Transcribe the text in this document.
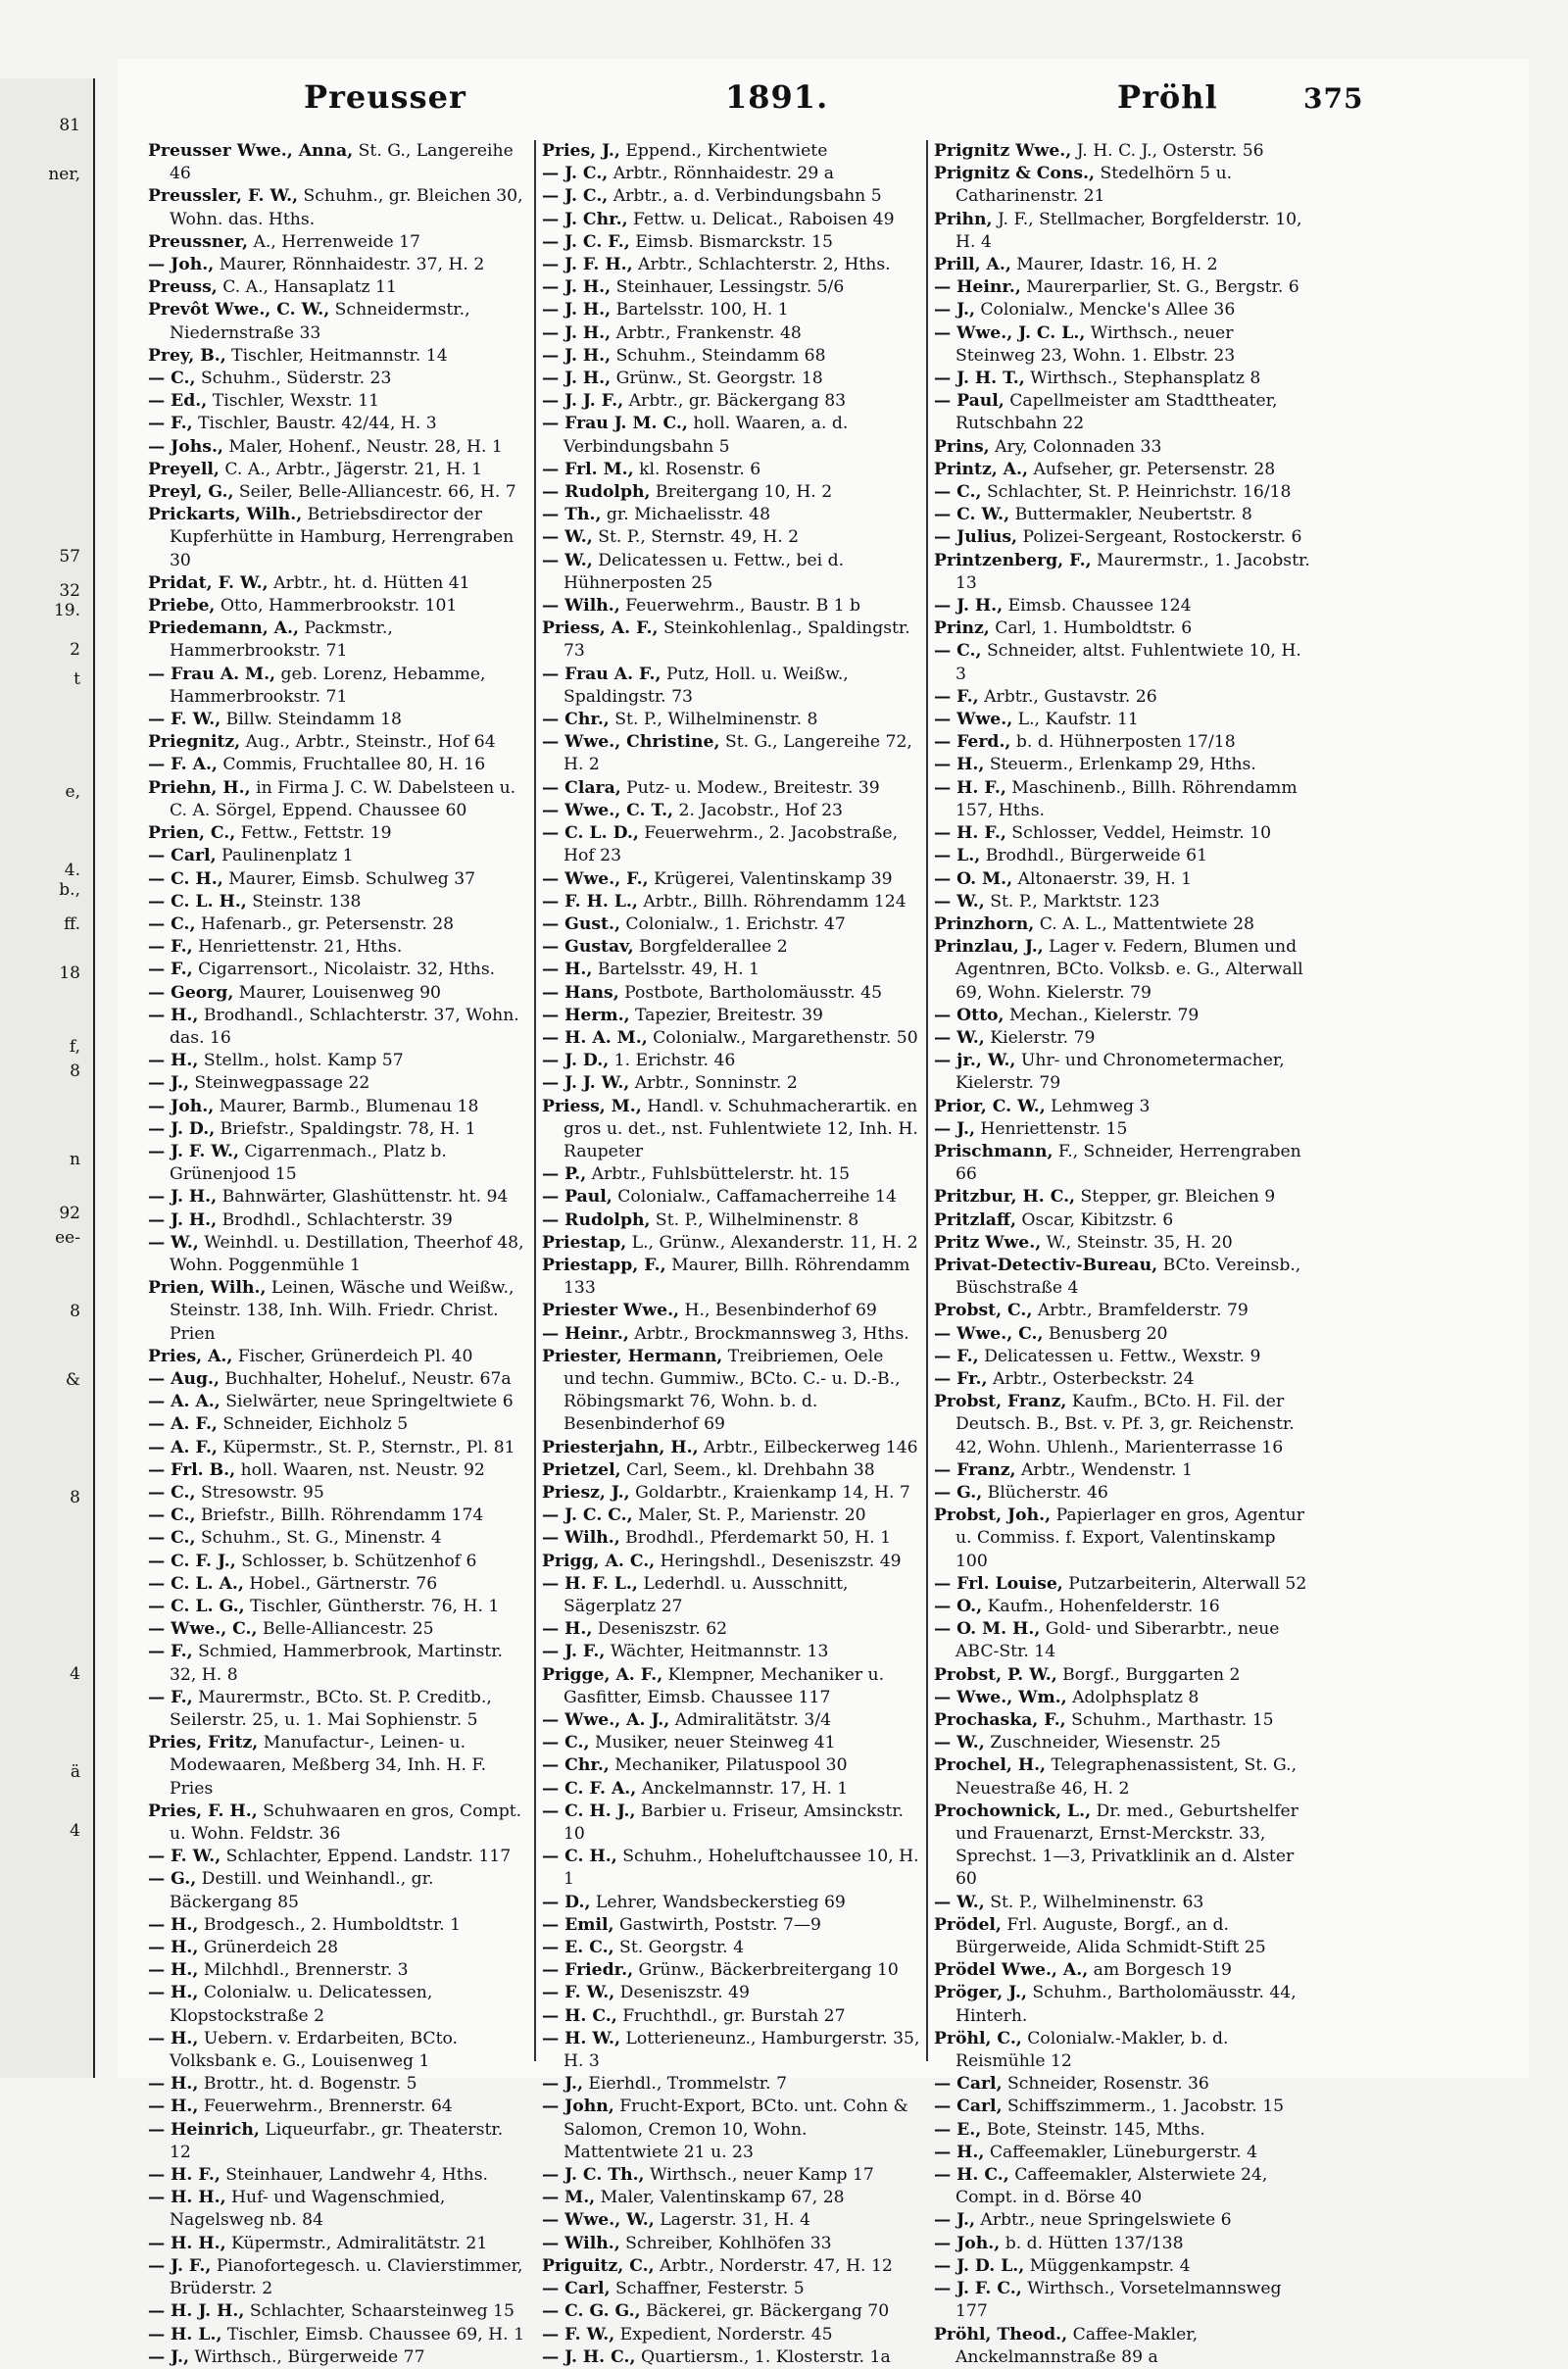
81
ner,
57
32
19.
2
t
e,
4.
b.,
ff.
18
f,
8
n
92
ee-
8
&
8
4
ä
4
Preusser	1891.	Pröhl	375
Preusser Wwe., Anna, St. G., Langereihe 46
Preussler, F. W., Schuhm., gr. Bleichen 30, Wohn. das. Hths.
Preussner, A., Herrenweide 17
— Joh., Maurer, Rönnhaidestr. 37, H. 2
Preuss, C. A., Hansaplatz 11
Prevôt Wwe., C. W., Schneidermstr., Niedernstraße 33
Prey, B., Tischler, Heitmannstr. 14
— C., Schuhm., Süderstr. 23
— Ed., Tischler, Wexstr. 11
— F., Tischler, Baustr. 42/44, H. 3
— Johs., Maler, Hohenf., Neustr. 28, H. 1
Preyell, C. A., Arbtr., Jägerstr. 21, H. 1
Preyl, G., Seiler, Belle-Alliancestr. 66, H. 7
Prickarts, Wilh., Betriebsdirector der Kupferhütte in Hamburg, Herrengraben 30
Pridat, F. W., Arbtr., ht. d. Hütten 41
Priebe, Otto, Hammerbrookstr. 101
Priedemann, A., Packmstr., Hammerbrookstr. 71
— Frau A. M., geb. Lorenz, Hebamme, Hammerbrookstr. 71
— F. W., Billw. Steindamm 18
Priegnitz, Aug., Arbtr., Steinstr., Hof 64
— F. A., Commis, Fruchtallee 80, H. 16
Priehn, H., in Firma J. C. W. Dabelsteen u. C. A. Sörgel, Eppend. Chaussee 60
Prien, C., Fettw., Fettstr. 19
— Carl, Paulinenplatz 1
— C. H., Maurer, Eimsb. Schulweg 37
— C. L. H., Steinstr. 138
— C., Hafenarb., gr. Petersenstr. 28
— F., Henriettenstr. 21, Hths.
— F., Cigarrensort., Nicolaistr. 32, Hths.
— Georg, Maurer, Louisenweg 90
— H., Brodhandl., Schlachterstr. 37, Wohn. das. 16
— H., Stellm., holst. Kamp 57
— J., Steinwegpassage 22
— Joh., Maurer, Barmb., Blumenau 18
— J. D., Briefstr., Spaldingstr. 78, H. 1
— J. F. W., Cigarrenmach., Platz b. Grünenjood 15
— J. H., Bahnwärter, Glashüttenstr. ht. 94
— J. H., Brodhdl., Schlachterstr. 39
— W., Weinhdl. u. Destillation, Theerhof 48, Wohn. Poggenmühle 1
Prien, Wilh., Leinen, Wäsche und Weißw., Steinstr. 138, Inh. Wilh. Friedr. Christ. Prien
Pries, A., Fischer, Grünerdeich Pl. 40
— Aug., Buchhalter, Hoheluf., Neustr. 67a
— A. A., Sielwärter, neue Springeltwiete 6
— A. F., Schneider, Eichholz 5
— A. F., Küpermstr., St. P., Sternstr., Pl. 81
— Frl. B., holl. Waaren, nst. Neustr. 92
— C., Stresowstr. 95
— C., Briefstr., Billh. Röhrendamm 174
— C., Schuhm., St. G., Minenstr. 4
— C. F. J., Schlosser, b. Schützenhof 6
— C. L. A., Hobel., Gärtnerstr. 76
— C. L. G., Tischler, Güntherstr. 76, H. 1
— Wwe., C., Belle-Alliancestr. 25
— F., Schmied, Hammerbrook, Martinstr. 32, H. 8
— F., Maurermstr., BCto. St. P. Creditb., Seilerstr. 25, u. 1. Mai Sophienstr. 5
Pries, Fritz, Manufactur-, Leinen- u. Modewaaren, Meßberg 34, Inh. H. F. Pries
Pries, F. H., Schuhwaaren en gros, Compt. u. Wohn. Feldstr. 36
— F. W., Schlachter, Eppend. Landstr. 117
— G., Destill. und Weinhandl., gr. Bäckergang 85
— H., Brodgesch., 2. Humboldtstr. 1
— H., Grünerdeich 28
— H., Milchhdl., Brennerstr. 3
— H., Colonialw. u. Delicatessen, Klopstockstraße 2
— H., Uebern. v. Erdarbeiten, BCto. Volksbank e. G., Louisenweg 1
— H., Brottr., ht. d. Bogenstr. 5
— H., Feuerwehrm., Brennerstr. 64
— Heinrich, Liqueurfabr., gr. Theaterstr. 12
— H. F., Steinhauer, Landwehr 4, Hths.
— H. H., Huf- und Wagenschmied, Nagelsweg nb. 84
— H. H., Küpermstr., Admiralitätstr. 21
— J. F., Pianofortegesch. u. Clavierstimmer, Brüderstr. 2
— H. J. H., Schlachter, Schaarsteinweg 15
— H. L., Tischler, Eimsb. Chaussee 69, H. 1
— J., Wirthsch., Bürgerweide 77
Pries, J., Eppend., Kirchentwiete
— J. C., Arbtr., Rönnhaidestr. 29 a
— J. C., Arbtr., a. d. Verbindungsbahn 5
— J. Chr., Fettw. u. Delicat., Raboisen 49
— J. C. F., Eimsb. Bismarckstr. 15
— J. F. H., Arbtr., Schlachterstr. 2, Hths.
— J. H., Steinhauer, Lessingstr. 5/6
— J. H., Bartelsstr. 100, H. 1
— J. H., Arbtr., Frankenstr. 48
— J. H., Schuhm., Steindamm 68
— J. H., Grünw., St. Georgstr. 18
— J. J. F., Arbtr., gr. Bäckergang 83
— Frau J. M. C., holl. Waaren, a. d. Verbindungsbahn 5
— Frl. M., kl. Rosenstr. 6
— Rudolph, Breitergang 10, H. 2
— Th., gr. Michaelisstr. 48
— W., St. P., Sternstr. 49, H. 2
— W., Delicatessen u. Fettw., bei d. Hühnerposten 25
— Wilh., Feuerwehrm., Baustr. B 1 b
Priess, A. F., Steinkohlenlag., Spaldingstr. 73
— Frau A. F., Putz, Holl. u. Weißw., Spaldingstr. 73
— Chr., St. P., Wilhelminenstr. 8
— Wwe., Christine, St. G., Langereihe 72, H. 2
— Clara, Putz- u. Modew., Breitestr. 39
— Wwe., C. T., 2. Jacobstr., Hof 23
— C. L. D., Feuerwehrm., 2. Jacobstraße, Hof 23
— Wwe., F., Krügerei, Valentinskamp 39
— F. H. L., Arbtr., Billh. Röhrendamm 124
— Gust., Colonialw., 1. Erichstr. 47
— Gustav, Borgfelderallee 2
— H., Bartelsstr. 49, H. 1
— Hans, Postbote, Bartholomäusstr. 45
— Herm., Tapezier, Breitestr. 39
— H. A. M., Colonialw., Margarethenstr. 50
— J. D., 1. Erichstr. 46
— J. J. W., Arbtr., Sonninstr. 2
Priess, M., Handl. v. Schuhmacherartik. en gros u. det., nst. Fuhlentwiete 12, Inh. H. Raupeter
— P., Arbtr., Fuhlsbüttelerstr. ht. 15
— Paul, Colonialw., Caffamacherreihe 14
— Rudolph, St. P., Wilhelminenstr. 8
Priestap, L., Grünw., Alexanderstr. 11, H. 2
Priestapp, F., Maurer, Billh. Röhrendamm 133
Priester Wwe., H., Besenbinderhof 69
— Heinr., Arbtr., Brockmannsweg 3, Hths.
Priester, Hermann, Treibriemen, Oele und techn. Gummiw., BCto. C.- u. D.-B., Röbingsmarkt 76, Wohn. b. d. Besenbinderhof 69
Priesterjahn, H., Arbtr., Eilbeckerweg 146
Prietzel, Carl, Seem., kl. Drehbahn 38
Priesz, J., Goldarbtr., Kraienkamp 14, H. 7
— J. C. C., Maler, St. P., Marienstr. 20
— Wilh., Brodhdl., Pferdemarkt 50, H. 1
Prigg, A. C., Heringshdl., Deseniszstr. 49
— H. F. L., Lederhdl. u. Ausschnitt, Sägerplatz 27
— H., Deseniszstr. 62
— J. F., Wächter, Heitmannstr. 13
Prigge, A. F., Klempner, Mechaniker u. Gasfitter, Eimsb. Chaussee 117
— Wwe., A. J., Admiralitätstr. 3/4
— C., Musiker, neuer Steinweg 41
— Chr., Mechaniker, Pilatuspool 30
— C. F. A., Anckelmannstr. 17, H. 1
— C. H. J., Barbier u. Friseur, Amsinckstr. 10
— C. H., Schuhm., Hoheluftchaussee 10, H. 1
— D., Lehrer, Wandsbeckerstieg 69
— Emil, Gastwirth, Poststr. 7—9
— E. C., St. Georgstr. 4
— Friedr., Grünw., Bäckerbreitergang 10
— F. W., Deseniszstr. 49
— H. C., Fruchthdl., gr. Burstah 27
— H. W., Lotterieneunz., Hamburgerstr. 35, H. 3
— J., Eierhdl., Trommelstr. 7
— John, Frucht-Export, BCto. unt. Cohn & Salomon, Cremon 10, Wohn. Mattentwiete 21 u. 23
— J. C. Th., Wirthsch., neuer Kamp 17
— M., Maler, Valentinskamp 67, 28
— Wwe., W., Lagerstr. 31, H. 4
— Wilh., Schreiber, Kohlhöfen 33
Priguitz, C., Arbtr., Norderstr. 47, H. 12
— Carl, Schaffner, Festerstr. 5
— C. G. G., Bäckerei, gr. Bäckergang 70
— F. W., Expedient, Norderstr. 45
— J. H. C., Quartiersm., 1. Klosterstr. 1a
Prignitz Wwe., J. H. C. J., Osterstr. 56
Prignitz & Cons., Stedelhörn 5 u. Catharinenstr. 21
Prihn, J. F., Stellmacher, Borgfelderstr. 10, H. 4
Prill, A., Maurer, Idastr. 16, H. 2
— Heinr., Maurerparlier, St. G., Bergstr. 6
— J., Colonialw., Mencke's Allee 36
— Wwe., J. C. L., Wirthsch., neuer Steinweg 23, Wohn. 1. Elbstr. 23
— J. H. T., Wirthsch., Stephansplatz 8
— Paul, Capellmeister am Stadttheater, Rutschbahn 22
Prins, Ary, Colonnaden 33
Printz, A., Aufseher, gr. Petersenstr. 28
— C., Schlachter, St. P. Heinrichstr. 16/18
— C. W., Buttermakler, Neubertstr. 8
— Julius, Polizei-Sergeant, Rostockerstr. 6
Printzenberg, F., Maurermstr., 1. Jacobstr. 13
— J. H., Eimsb. Chaussee 124
Prinz, Carl, 1. Humboldtstr. 6
— C., Schneider, altst. Fuhlentwiete 10, H. 3
— F., Arbtr., Gustavstr. 26
— Wwe., L., Kaufstr. 11
— Ferd., b. d. Hühnerposten 17/18
— H., Steuerm., Erlenkamp 29, Hths.
— H. F., Maschinenb., Billh. Röhrendamm 157, Hths.
— H. F., Schlosser, Veddel, Heimstr. 10
— L., Brodhdl., Bürgerweide 61
— O. M., Altonaerstr. 39, H. 1
— W., St. P., Marktstr. 123
Prinzhorn, C. A. L., Mattentwiete 28
Prinzlau, J., Lager v. Federn, Blumen und Agentnren, BCto. Volksb. e. G., Alterwall 69, Wohn. Kielerstr. 79
— Otto, Mechan., Kielerstr. 79
— W., Kielerstr. 79
— jr., W., Uhr- und Chronometermacher, Kielerstr. 79
Prior, C. W., Lehmweg 3
— J., Henriettenstr. 15
Prischmann, F., Schneider, Herrengraben 66
Pritzbur, H. C., Stepper, gr. Bleichen 9
Pritzlaff, Oscar, Kibitzstr. 6
Pritz Wwe., W., Steinstr. 35, H. 20
Privat-Detectiv-Bureau, BCto. Vereinsb., Büschstraße 4
Probst, C., Arbtr., Bramfelderstr. 79
— Wwe., C., Benusberg 20
— F., Delicatessen u. Fettw., Wexstr. 9
— Fr., Arbtr., Osterbeckstr. 24
Probst, Franz, Kaufm., BCto. H. Fil. der Deutsch. B., Bst. v. Pf. 3, gr. Reichenstr. 42, Wohn. Uhlenh., Marienterrasse 16
— Franz, Arbtr., Wendenstr. 1
— G., Blücherstr. 46
Probst, Joh., Papierlager en gros, Agentur u. Commiss. f. Export, Valentinskamp 100
— Frl. Louise, Putzarbeiterin, Alterwall 52
— O., Kaufm., Hohenfelderstr. 16
— O. M. H., Gold- und Siberarbtr., neue ABC-Str. 14
Probst, P. W., Borgf., Burggarten 2
— Wwe., Wm., Adolphsplatz 8
Prochaska, F., Schuhm., Marthastr. 15
— W., Zuschneider, Wiesenstr. 25
Prochel, H., Telegraphenassistent, St. G., Neuestraße 46, H. 2
Prochownick, L., Dr. med., Geburtshelfer und Frauenarzt, Ernst-Merckstr. 33, Sprechst. 1—3, Privatklinik an d. Alster 60
— W., St. P., Wilhelminenstr. 63
Prödel, Frl. Auguste, Borgf., an d. Bürgerweide, Alida Schmidt-Stift 25
Prödel Wwe., A., am Borgesch 19
Pröger, J., Schuhm., Bartholomäusstr. 44, Hinterh.
Pröhl, C., Colonialw.-Makler, b. d. Reismühle 12
— Carl, Schneider, Rosenstr. 36
— Carl, Schiffszimmerm., 1. Jacobstr. 15
— E., Bote, Steinstr. 145, Mths.
— H., Caffeemakler, Lüneburgerstr. 4
— H. C., Caffeemakler, Alsterwiete 24, Compt. in d. Börse 40
— J., Arbtr., neue Springelswiete 6
— Joh., b. d. Hütten 137/138
— J. D. L., Müggenkampstr. 4
— J. F. C., Wirthsch., Vorsetelmannsweg 177
Pröhl, Theod., Caffee-Makler, Anckelmannstraße 89 a
